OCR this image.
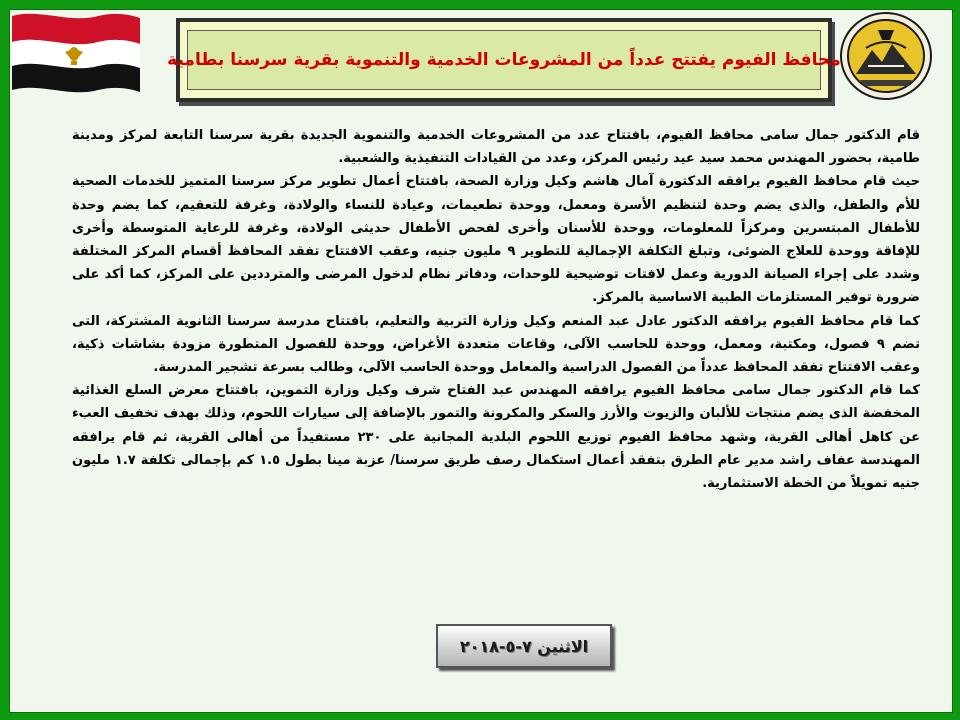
محافظ الفيوم يفتتح عدداً من المشروعات الخدمية والتنموية بقرية سرسنا بطامية

قام الدكتور جمال سامى محافظ الفيوم، بافتتاح عدد من المشروعات الخدمية والتنموية الجديدة بقرية سرسنا التابعة لمركز ومدينة طامية، بحضور المهندس محمد سيد عيد رئيس المركز، وعدد من القيادات التنفيذية والشعبية.

حيث قام محافظ الفيوم يرافقه الدكتورة آمال هاشم وكيل وزارة الصحة، بافتتاح أعمال تطوير مركز سرسنا المتميز للخدمات الصحية للأم والطفل، والذى يضم وحدة لتنظيم الأسرة ومعمل، ووحدة تطعيمات، وعيادة للنساء والولادة، وغرفة للتعقيم، كما يضم وحدة للأطفال المبتسرين ومركزاً للمعلومات، ووحدة للأسنان وأخرى لفحص الأطفال حديثى الولادة، وغرفة للرعاية المتوسطة وأخرى للإفاقة ووحدة للعلاج الضوئى، وتبلغ التكلفة الإجمالية للتطوير ٩ مليون جنيه، وعقب الافتتاح تفقد المحافظ أقسام المركز المختلفة وشدد على إجراء الصيانة الدورية وعمل لافتات توضيحية للوحدات، ودفاتر نظام لدخول المرضى والمترددين على المركز، كما أكد على ضرورة توفير المستلزمات الطبية الاساسية بالمركز.

كما قام محافظ الفيوم يرافقه الدكتور عادل عبد المنعم وكيل وزارة التربية والتعليم، بافتتاح مدرسة سرسنا الثانوية المشتركة، التى تضم ٩ فصول، ومكتبة، ومعمل، ووحدة للحاسب الآلى، وقاعات متعددة الأغراض، ووحدة للفصول المتطورة مزودة بشاشات ذكية، وعقب الافتتاح تفقد المحافظ عدداً من الفصول الدراسية والمعامل ووحدة الحاسب الآلى، وطالب بسرعة تشجير المدرسة.

كما قام الدكتور جمال سامى محافظ الفيوم يرافقه المهندس عبد الفتاح شرف وكيل وزارة التموين، بافتتاح معرض السلع الغذائية المخفضة الذى يضم منتجات للألبان والزيوت والأرز والسكر والمكرونة والتمور بالإضافة إلى سيارات اللحوم، وذلك بهدف تخفيف العبء عن كاهل أهالى القرية، وشهد محافظ الفيوم توزيع اللحوم البلدية المجانية على ٢٣٠ مستفيداً من أهالى القرية، ثم قام يرافقه المهندسة عفاف راشد مدير عام الطرق بتفقد أعمال استكمال رصف طريق سرسنا/ عزبة مينا بطول ١.٥ كم بإجمالى تكلفة ١.٧ مليون جنيه تمويلاً من الخطة الاستثمارية.

الاثنين ٧-٥-٢٠١٨
